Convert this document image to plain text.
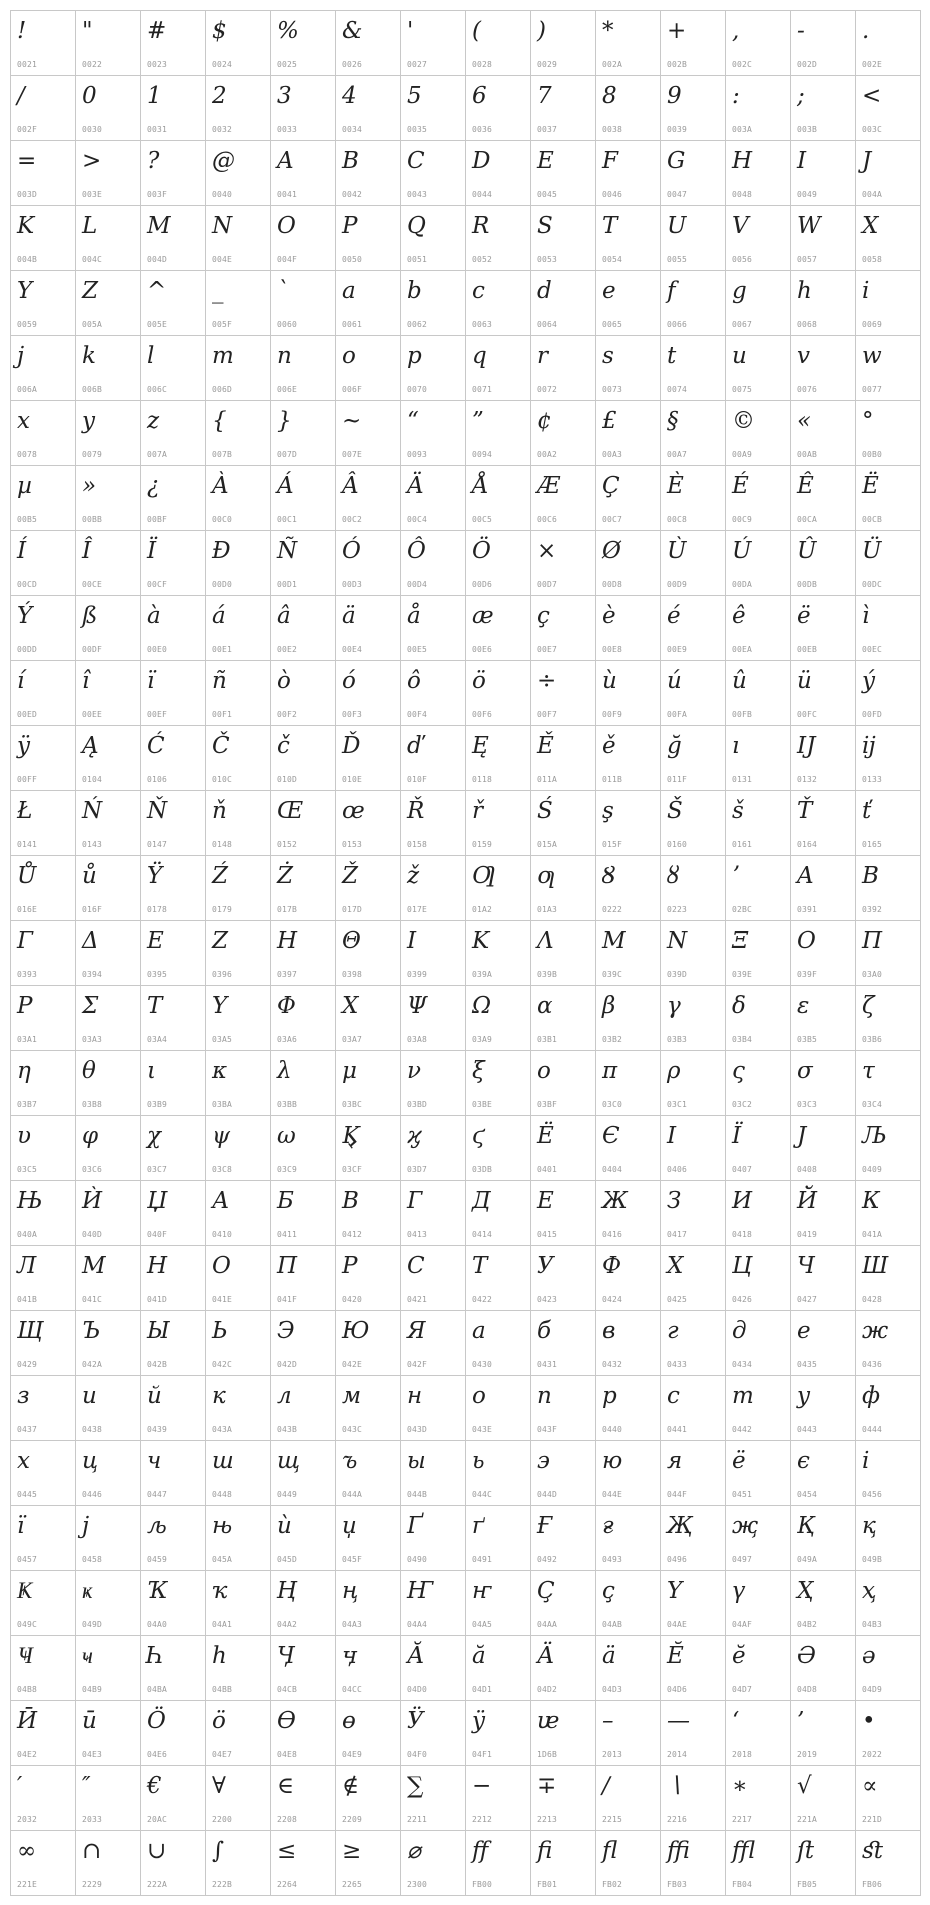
!
0021
"
0022
#
0023
$
0024
%
0025
&
0026
'
0027
(
0028
)
0029
*
002A
+
002B
,
002C
-
002D
.
002E
/
002F
0
0030
1
0031
2
0032
3
0033
4
0034
5
0035
6
0036
7
0037
8
0038
9
0039
:
003A
;
003B
<
003C
=
003D
>
003E
?
003F
@
0040
A
0041
B
0042
C
0043
D
0044
E
0045
F
0046
G
0047
H
0048
I
0049
J
004A
K
004B
L
004C
M
004D
N
004E
O
004F
P
0050
Q
0051
R
0052
S
0053
T
0054
U
0055
V
0056
W
0057
X
0058
Y
0059
Z
005A
^
005E
_
005F
`
0060
a
0061
b
0062
c
0063
d
0064
e
0065
f
0066
g
0067
h
0068
i
0069
j
006A
k
006B
l
006C
m
006D
n
006E
o
006F
p
0070
q
0071
r
0072
s
0073
t
0074
u
0075
v
0076
w
0077
x
0078
y
0079
z
007A
{
007B
}
007D
~
007E
“
0093
”
0094
¢
00A2
£
00A3
§
00A7
©
00A9
«
00AB
°
00B0
µ
00B5
»
00BB
¿
00BF
À
00C0
Á
00C1
Â
00C2
Ä
00C4
Å
00C5
Æ
00C6
Ç
00C7
È
00C8
É
00C9
Ê
00CA
Ë
00CB
Í
00CD
Î
00CE
Ï
00CF
Ð
00D0
Ñ
00D1
Ó
00D3
Ô
00D4
Ö
00D6
×
00D7
Ø
00D8
Ù
00D9
Ú
00DA
Û
00DB
Ü
00DC
Ý
00DD
ß
00DF
à
00E0
á
00E1
â
00E2
ä
00E4
å
00E5
æ
00E6
ç
00E7
è
00E8
é
00E9
ê
00EA
ë
00EB
ì
00EC
í
00ED
î
00EE
ï
00EF
ñ
00F1
ò
00F2
ó
00F3
ô
00F4
ö
00F6
÷
00F7
ù
00F9
ú
00FA
û
00FB
ü
00FC
ý
00FD
ÿ
00FF
Ą
0104
Ć
0106
Č
010C
č
010D
Ď
010E
ď
010F
Ę
0118
Ě
011A
ě
011B
ğ
011F
ı
0131
Ĳ
0132
ĳ
0133
Ł
0141
Ń
0143
Ň
0147
ň
0148
Œ
0152
œ
0153
Ř
0158
ř
0159
Ś
015A
ş
015F
Š
0160
š
0161
Ť
0164
ť
0165
Ů
016E
ů
016F
Ÿ
0178
Ź
0179
Ż
017B
Ž
017D
ž
017E
Ƣ
01A2
ƣ
01A3
Ȣ
0222
ȣ
0223
ʼ
02BC
Α
0391
Β
0392
Γ
0393
Δ
0394
Ε
0395
Ζ
0396
Η
0397
Θ
0398
Ι
0399
Κ
039A
Λ
039B
Μ
039C
Ν
039D
Ξ
039E
Ο
039F
Π
03A0
Ρ
03A1
Σ
03A3
Τ
03A4
Υ
03A5
Φ
03A6
Χ
03A7
Ψ
03A8
Ω
03A9
α
03B1
β
03B2
γ
03B3
δ
03B4
ε
03B5
ζ
03B6
η
03B7
θ
03B8
ι
03B9
κ
03BA
λ
03BB
μ
03BC
ν
03BD
ξ
03BE
ο
03BF
π
03C0
ρ
03C1
ς
03C2
σ
03C3
τ
03C4
υ
03C5
φ
03C6
χ
03C7
ψ
03C8
ω
03C9
Ϗ
03CF
ϗ
03D7
ϛ
03DB
Ё
0401
Є
0404
І
0406
Ї
0407
Ј
0408
Љ
0409
Њ
040A
Ѝ
040D
Џ
040F
А
0410
Б
0411
В
0412
Г
0413
Д
0414
Е
0415
Ж
0416
З
0417
И
0418
Й
0419
К
041A
Л
041B
М
041C
Н
041D
О
041E
П
041F
Р
0420
С
0421
Т
0422
У
0423
Ф
0424
Х
0425
Ц
0426
Ч
0427
Ш
0428
Щ
0429
Ъ
042A
Ы
042B
Ь
042C
Э
042D
Ю
042E
Я
042F
а
0430
б
0431
в
0432
г
0433
д
0434
е
0435
ж
0436
з
0437
и
0438
й
0439
к
043A
л
043B
м
043C
н
043D
о
043E
п
043F
р
0440
с
0441
т
0442
у
0443
ф
0444
х
0445
ц
0446
ч
0447
ш
0448
щ
0449
ъ
044A
ы
044B
ь
044C
э
044D
ю
044E
я
044F
ё
0451
є
0454
і
0456
ї
0457
ј
0458
љ
0459
њ
045A
ѝ
045D
џ
045F
Ґ
0490
ґ
0491
Ғ
0492
ғ
0493
Җ
0496
җ
0497
Қ
049A
қ
049B
Ҝ
049C
ҝ
049D
Ҡ
04A0
ҡ
04A1
Ң
04A2
ң
04A3
Ҥ
04A4
ҥ
04A5
Ҫ
04AA
ҫ
04AB
Ү
04AE
ү
04AF
Ҳ
04B2
ҳ
04B3
Ҹ
04B8
ҹ
04B9
Һ
04BA
һ
04BB
Ӌ
04CB
ӌ
04CC
Ӑ
04D0
ӑ
04D1
Ӓ
04D2
ӓ
04D3
Ӗ
04D6
ӗ
04D7
Ә
04D8
ә
04D9
Ӣ
04E2
ӣ
04E3
Ӧ
04E6
ӧ
04E7
Ө
04E8
ө
04E9
Ӱ
04F0
ӱ
04F1
ᵫ
1D6B
–
2013
—
2014
‘
2018
’
2019
•
2022
′
2032
″
2033
€
20AC
∀
2200
∈
2208
∉
2209
∑
2211
−
2212
∓
2213
∕
2215
∖
2216
∗
2217
√
221A
∝
221D
∞
221E
∩
2229
∪
222A
∫
222B
≤
2264
≥
2265
⌀
2300
ﬀ
FB00
ﬁ
FB01
ﬂ
FB02
ﬃ
FB03
ﬄ
FB04
ﬅ
FB05
ﬆ
FB06
